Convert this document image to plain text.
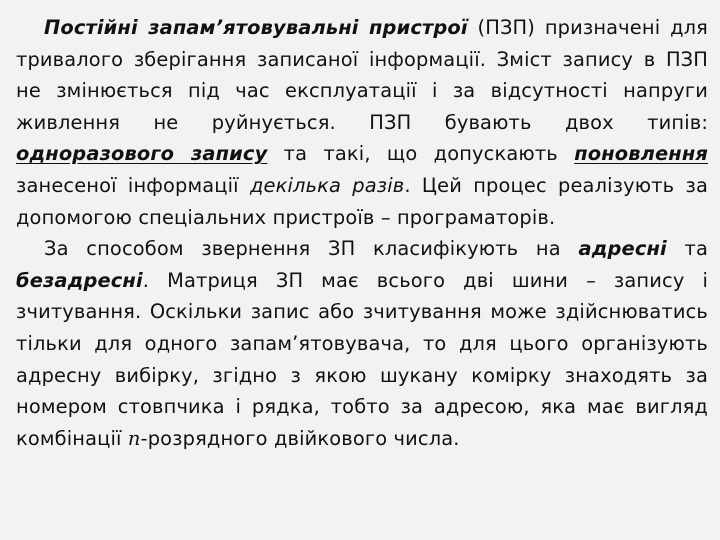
Постійні запам’ятовувальні пристрої (ПЗП) призначені для тривалого зберігання записаної інформації. Зміст запису в ПЗП не змінюється під час експлуатації і за відсутності напруги живлення не руйнується. ПЗП бувають двох типів: одноразового запису та такі, що допускають поновлення занесеної інформації декілька разів. Цей процес реалізують за допомогою спеціальних пристроїв – програматорів.

За способом звернення ЗП класифікують на адресні та безадресні. Матриця ЗП має всього дві шини – запису і зчитування. Оскільки запис або зчитування може здійснюватись тільки для одного запам’ятовувача, то для цього організують адресну вибірку, згідно з якою шукану комірку знаходять за номером стовпчика і рядка, тобто за адресою, яка має вигляд комбінації n-розрядного двійкового числа.
